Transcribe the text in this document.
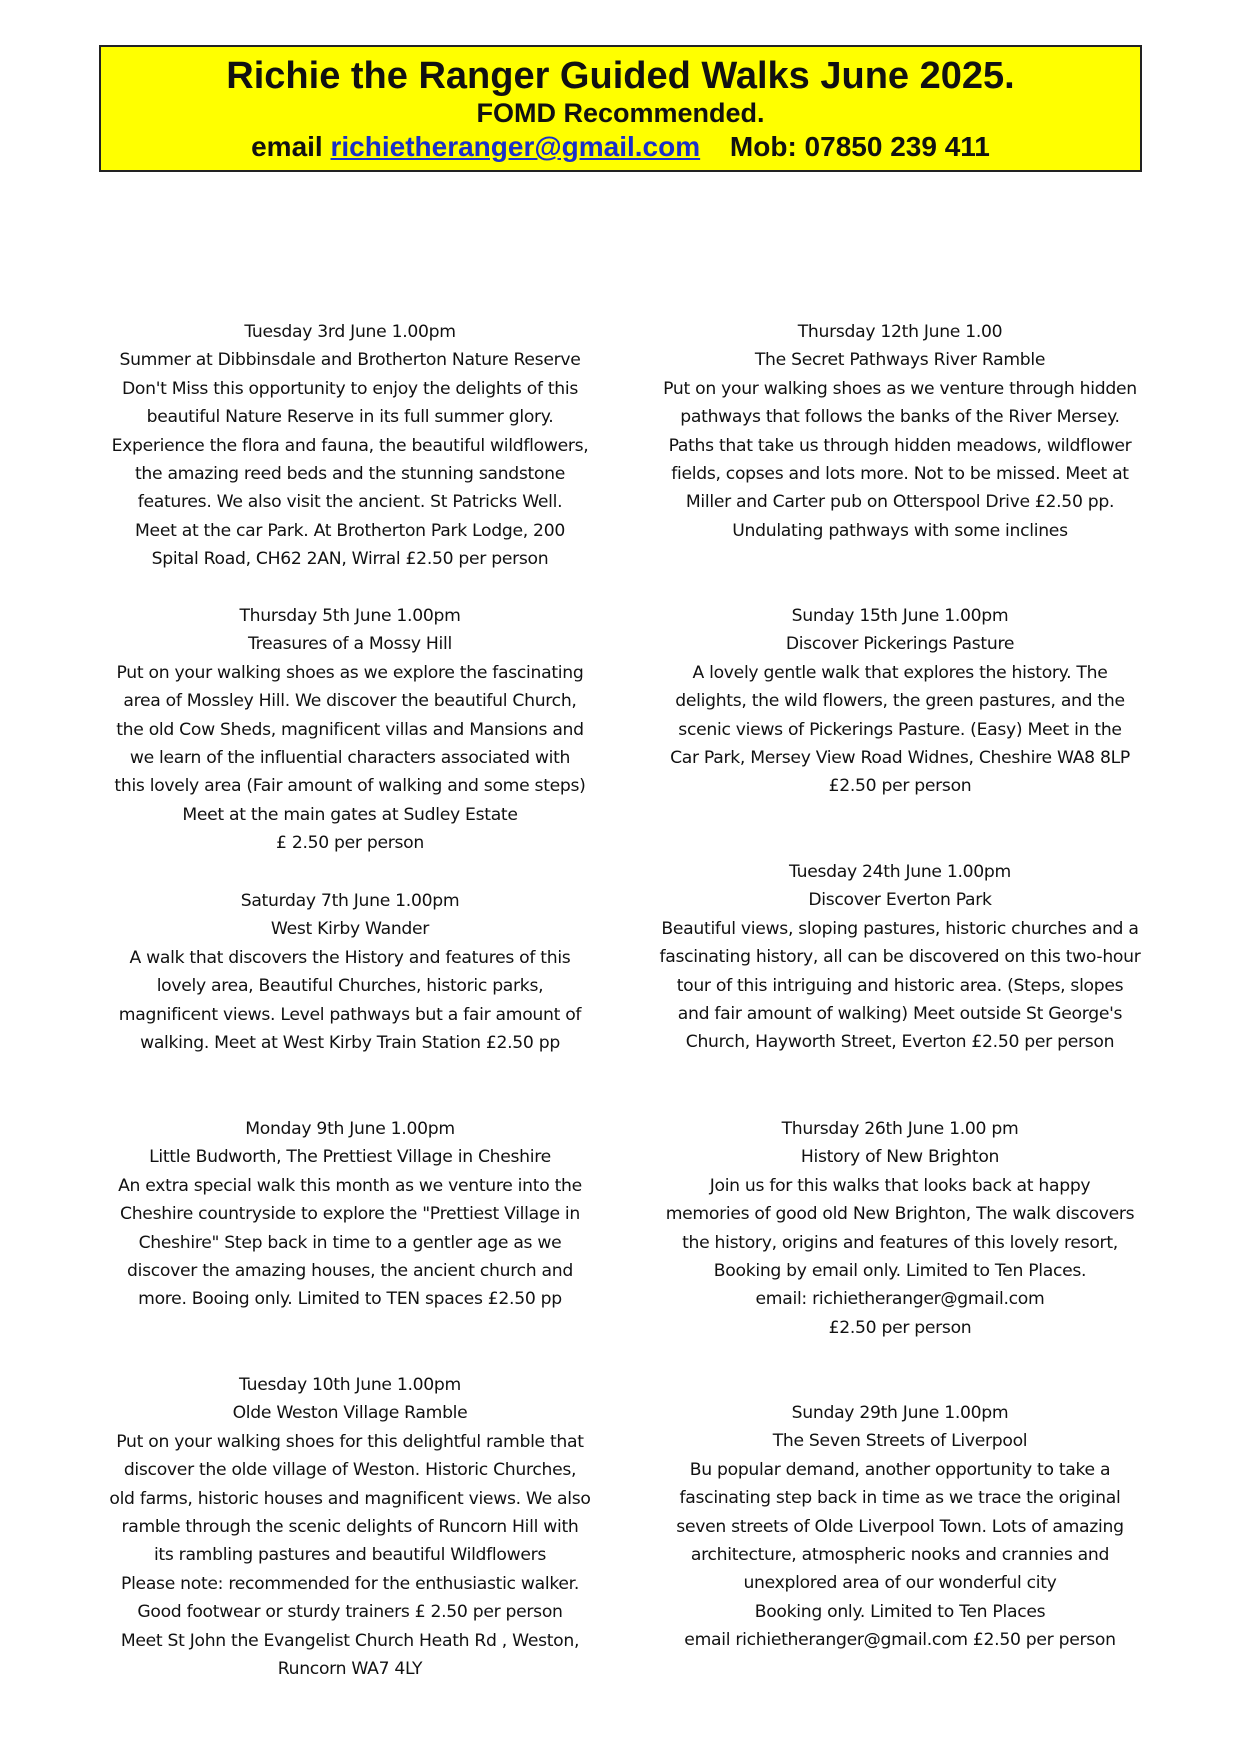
Richie the Ranger Guided Walks June 2025.
FOMD Recommended.
email richietheranger@gmail.com Mob: 07850 239 411

Tuesday 3rd June 1.00pm

Summer at Dibbinsdale and Brotherton Nature Reserve

Don't Miss this opportunity to enjoy the delights of this

beautiful Nature Reserve in its full summer glory.

Experience the flora and fauna, the beautiful wildflowers,

the amazing reed beds and the stunning sandstone

features. We also visit the ancient. St Patricks Well.

Meet at the car Park. At Brotherton Park Lodge, 200

Spital Road, CH62 2AN, Wirral £2.50 per person

Thursday 5th June 1.00pm

Treasures of a Mossy Hill

Put on your walking shoes as we explore the fascinating

area of Mossley Hill. We discover the beautiful Church,

the old Cow Sheds, magnificent villas and Mansions and

we learn of the influential characters associated with

this lovely area (Fair amount of walking and some steps)

Meet at the main gates at Sudley Estate

£ 2.50 per person

Saturday 7th June 1.00pm

West Kirby Wander

A walk that discovers the History and features of this

lovely area, Beautiful Churches, historic parks,

magnificent views. Level pathways but a fair amount of

walking. Meet at West Kirby Train Station £2.50 pp

Monday 9th June 1.00pm

Little Budworth, The Prettiest Village in Cheshire

An extra special walk this month as we venture into the

Cheshire countryside to explore the "Prettiest Village in

Cheshire" Step back in time to a gentler age as we

discover the amazing houses, the ancient church and

more. Booing only. Limited to TEN spaces £2.50 pp

Tuesday 10th June 1.00pm

Olde Weston Village Ramble

Put on your walking shoes for this delightful ramble that

discover the olde village of Weston. Historic Churches,

old farms, historic houses and magnificent views. We also

ramble through the scenic delights of Runcorn Hill with

its rambling pastures and beautiful Wildflowers

Please note: recommended for the enthusiastic walker.

Good footwear or sturdy trainers £ 2.50 per person

Meet St John the Evangelist Church Heath Rd , Weston,

Runcorn WA7 4LY

Thursday 12th June 1.00

The Secret Pathways River Ramble

Put on your walking shoes as we venture through hidden

pathways that follows the banks of the River Mersey.

Paths that take us through hidden meadows, wildflower

fields, copses and lots more. Not to be missed. Meet at

Miller and Carter pub on Otterspool Drive £2.50 pp.

Undulating pathways with some inclines

Sunday 15th June 1.00pm

Discover Pickerings Pasture

A lovely gentle walk that explores the history. The

delights, the wild flowers, the green pastures, and the

scenic views of Pickerings Pasture. (Easy) Meet in the

Car Park, Mersey View Road Widnes, Cheshire WA8 8LP

£2.50 per person

Tuesday 24th June 1.00pm

Discover Everton Park

Beautiful views, sloping pastures, historic churches and a

fascinating history, all can be discovered on this two-hour

tour of this intriguing and historic area. (Steps, slopes

and fair amount of walking) Meet outside St George's

Church, Hayworth Street, Everton £2.50 per person

Thursday 26th June 1.00 pm

History of New Brighton

Join us for this walks that looks back at happy

memories of good old New Brighton, The walk discovers

the history, origins and features of this lovely resort,

Booking by email only. Limited to Ten Places.

email: richietheranger@gmail.com

£2.50 per person

Sunday 29th June 1.00pm

The Seven Streets of Liverpool

Bu popular demand, another opportunity to take a

fascinating step back in time as we trace the original

seven streets of Olde Liverpool Town. Lots of amazing

architecture, atmospheric nooks and crannies and

unexplored area of our wonderful city

Booking only. Limited to Ten Places

email richietheranger@gmail.com £2.50 per person
